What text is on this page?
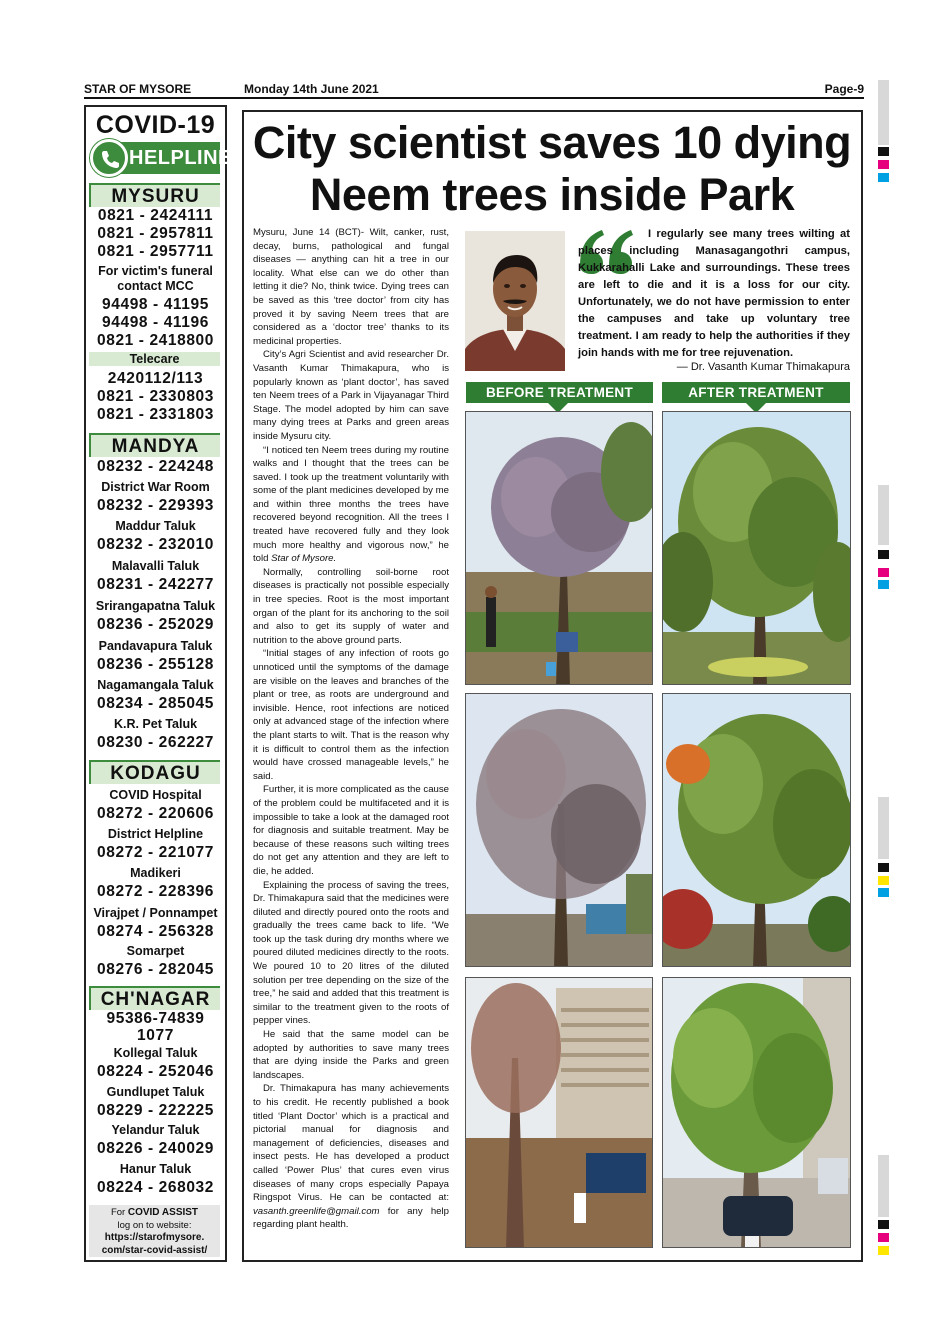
STAR OF MYSORE	Monday 14th June 2021	Page-9
COVID-19
HELPLINE
MYSURU
0821 - 2424111
0821 - 2957811
0821 - 2957711
For victim's funeral contact MCC
94498 - 41195
94498 - 41196
0821 - 2418800
Telecare
2420112/113
0821 - 2330803
0821 - 2331803
MANDYA
08232 - 224248
District War Room
08232 - 229393
Maddur Taluk
08232 - 232010
Malavalli Taluk
08231 - 242277
Srirangapatna Taluk
08236 - 252029
Pandavapura Taluk
08236 - 255128
Nagamangala Taluk
08234 - 285045
K.R. Pet Taluk
08230 - 262227
KODAGU
COVID Hospital
08272 - 220606
District Helpline
08272 - 221077
Madikeri
08272 - 228396
Virajpet / Ponnampet
08274 - 256328
Somarpet
08276 - 282045
CH'NAGAR
95386-74839
1077
Kollegal Taluk
08224 - 252046
Gundlupet Taluk
08229 - 222225
Yelandur Taluk
08226 - 240029
Hanur Taluk
08224 - 268032
For COVID ASSIST
log on to website:
https://starofmysore.
com/star-covid-assist/
City scientist saves 10 dying
Neem trees inside Park

Mysuru, June 14 (BCT)- Wilt, canker, rust, decay, burns, pathological and fungal diseases — anything can hit a tree in our locality. What else can we do other than letting it die? No, think twice. Dying trees can be saved as this ‘tree doctor’ from city has proved it by saving Neem trees that are considered as a ‘doctor tree’ thanks to its medicinal properties.

City’s Agri Scientist and avid researcher Dr. Vasanth Kumar Thimakapura, who is popularly known as ‘plant doctor’, has saved ten Neem trees of a Park in Vijayanagar Third Stage. The model adopted by him can save many dying trees at Parks and green areas inside Mysuru city.

“I noticed ten Neem trees during my routine walks and I thought that the trees can be saved. I took up the treatment voluntarily with some of the plant medicines developed by me and within three months the trees have recovered beyond recognition. All the trees I treated have recovered fully and they look much more healthy and vigorous now,” he told Star of Mysore.

Normally, controlling soil-borne root diseases is practically not possible especially in tree species. Root is the most important organ of the plant for its anchoring to the soil and also to get its supply of water and nutrition to the above ground parts.

“Initial stages of any infection of roots go unnoticed until the symptoms of the damage are visible on the leaves and branches of the plant or tree, as roots are underground and invisible. Hence, root infections are noticed only at advanced stage of the infection where the plant starts to wilt. That is the reason why it is difficult to control them as the infection would have crossed manageable levels,” he said.

Further, it is more complicated as the cause of the problem could be multifaceted and it is impossible to take a look at the damaged root for diagnosis and suitable treatment. May be because of these reasons such wilting trees do not get any attention and they are left to die, he added.

Explaining the process of saving the trees, Dr. Thimakapura said that the medicines were diluted and directly poured onto the roots and gradually the trees came back to life. “We took up the task during dry months where we poured diluted medicines directly to the roots. We poured 10 to 20 litres of the diluted solution per tree depending on the size of the tree,” he said and added that this treatment is similar to the treatment given to the roots of pepper vines.

He said that the same model can be adopted by authorities to save many trees that are dying inside the Parks and green landscapes.

Dr. Thimakapura has many achievements to his credit. He recently published a book titled ‘Plant Doctor’ which is a practical and pictorial manual for diagnosis and management of deficiencies, diseases and insect pests. He has developed a product called ‘Power Plus’ that cures even virus diseases of many crops especially Papaya Ringspot Virus. He can be contacted at: vasanth.greenlife@gmail.com for any help regarding plant health.

I regularly see many trees wilting at places including Manasagangothri campus, Kukkarahalli Lake and surroundings. These trees are left to die and it is a loss for our city. Unfortunately, we do not have permission to enter the campuses and take up voluntary tree treatment. I am ready to help the authorities if they join hands with me for tree rejuvenation.
— Dr. Vasanth Kumar Thimakapura
BEFORE TREATMENT	AFTER TREATMENT
